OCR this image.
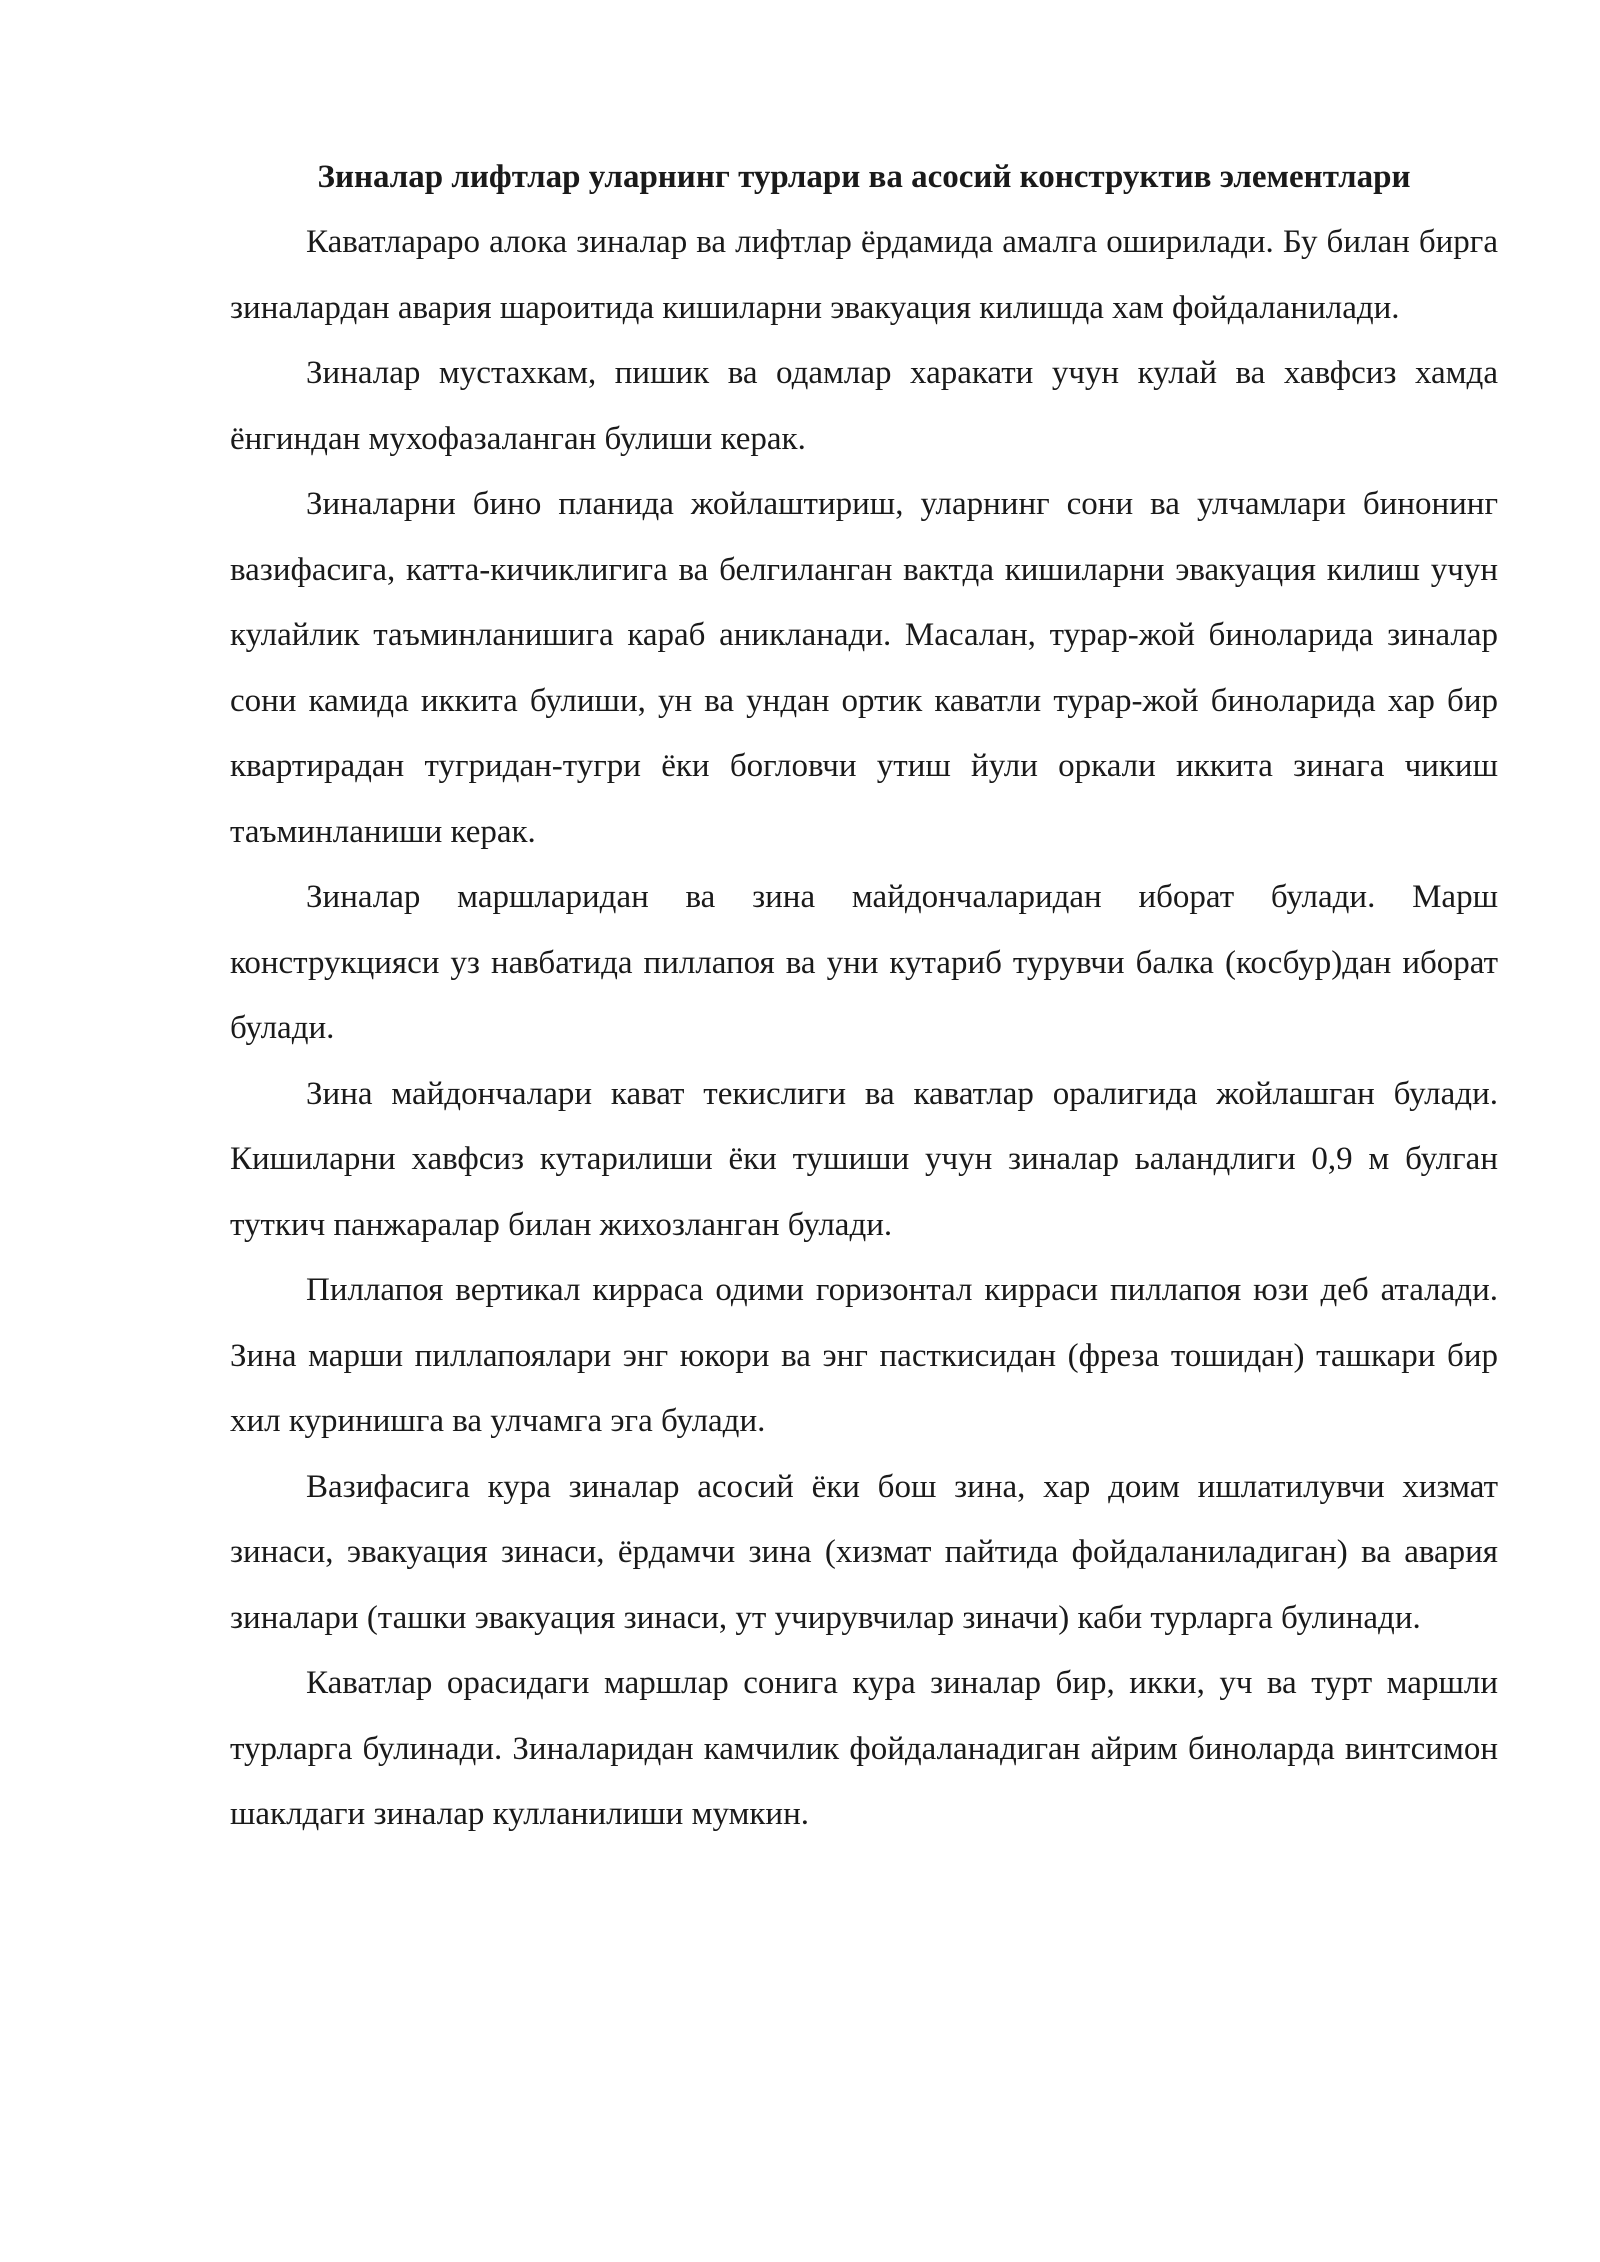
Зиналар лифтлар уларнинг турлари ва асосий конструктив элементлари

Каватлараро алока зиналар ва лифтлар ёрдамида амалга оширилади. Бу билан бирга зиналардан авария шароитида кишиларни эвакуация килишда хам фойдаланилади.

Зиналар мустахкам, пишик ва одамлар харакати учун кулай ва хавфсиз хамда ёнгиндан мухофазаланган булиши керак.

Зиналарни бино планида жойлаштириш, уларнинг сони ва улчамлари бинонинг вазифасига, катта-кичиклигига ва белгиланган вактда кишиларни эвакуация килиш учун кулайлик таъминланишига караб аникланади. Масалан, турар-жой биноларида зиналар сони камида иккита булиши, ун ва ундан ортик каватли турар-жой биноларида хар бир квартирадан тугридан-тугри ёки богловчи утиш йули оркали иккита зинага чикиш таъминланиши керак.

Зиналар маршларидан ва зина майдончаларидан иборат булади. Марш конструкцияси уз навбатида пиллапоя ва уни кутариб турувчи балка (косбур)дан иборат булади.

Зина майдончалари кават текислиги ва каватлар оралигида жойлашган булади. Кишиларни хавфсиз кутарилиши ёки тушиши учун зиналар ьаландлиги 0,9 м булган туткич панжаралар билан жихозланган булади.

Пиллапоя вертикал кирраса одими горизонтал кирраси пиллапоя юзи деб аталади. Зина марши пиллапоялари энг юкори ва энг пасткисидан (фреза тошидан) ташкари бир хил куринишга ва улчамга эга булади.

Вазифасига кура зиналар асосий ёки бош зина, хар доим ишлатилувчи хизмат зинаси, эвакуация зинаси, ёрдамчи зина (хизмат пайтида фойдаланиладиган) ва авария зиналари (ташки эвакуация зинаси, ут учирувчилар зиначи) каби турларга булинади.

Каватлар орасидаги маршлар сонига кура зиналар бир, икки, уч ва турт маршли турларга булинади. Зиналаридан камчилик фойдаланадиган айрим биноларда винтсимон шаклдаги зиналар кулланилиши мумкин.
